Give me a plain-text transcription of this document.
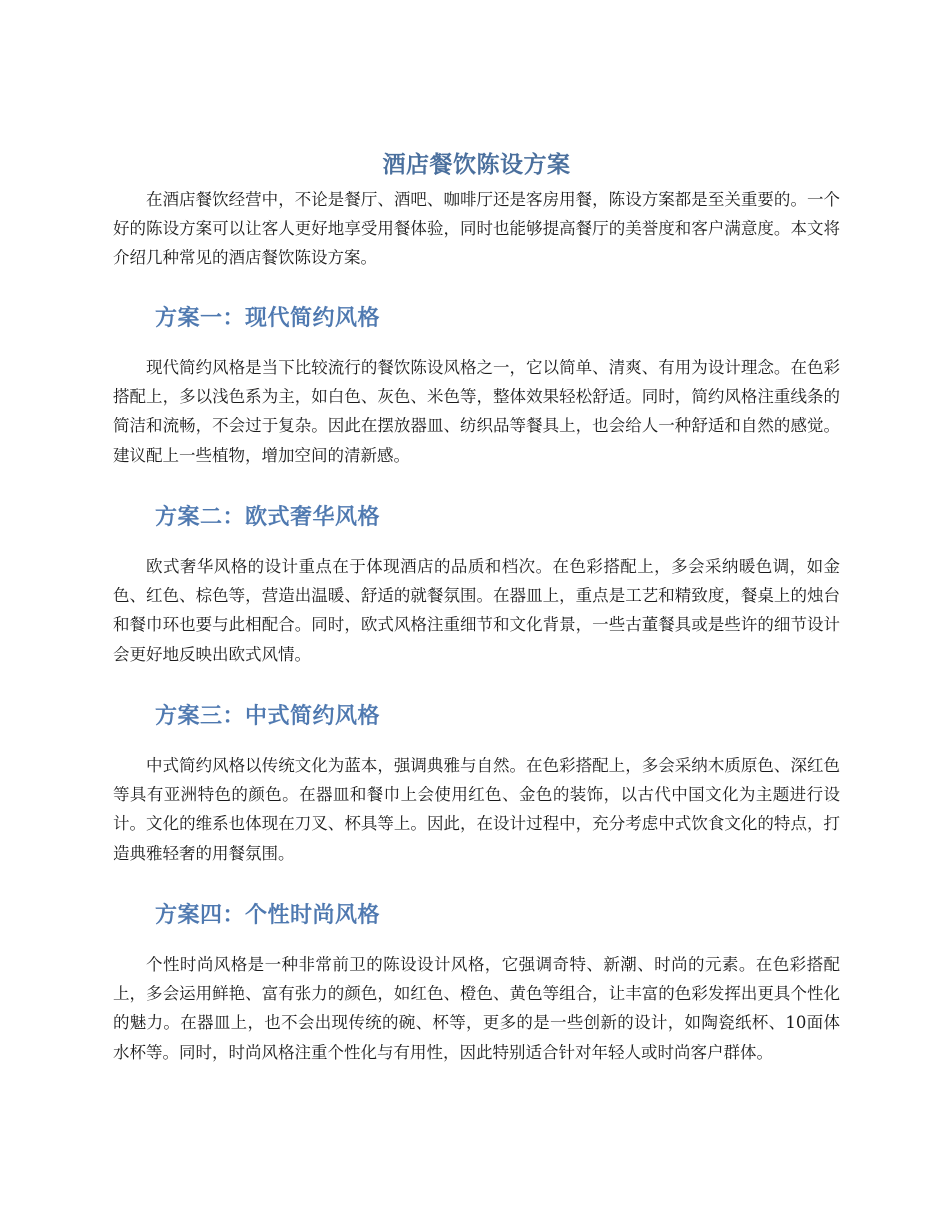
酒店餐饮陈设方案

在酒店餐饮经营中，不论是餐厅、酒吧、咖啡厅还是客房用餐，陈设方案都是至关重要的。一个好的陈设方案可以让客人更好地享受用餐体验，同时也能够提高餐厅的美誉度和客户满意度。本文将介绍几种常见的酒店餐饮陈设方案。

方案一：现代简约风格

现代简约风格是当下比较流行的餐饮陈设风格之一，它以简单、清爽、有用为设计理念。在色彩搭配上，多以浅色系为主，如白色、灰色、米色等，整体效果轻松舒适。同时，简约风格注重线条的简洁和流畅，不会过于复杂。因此在摆放器皿、纺织品等餐具上，也会给人一种舒适和自然的感觉。建议配上一些植物，增加空间的清新感。

方案二：欧式奢华风格

欧式奢华风格的设计重点在于体现酒店的品质和档次。在色彩搭配上，多会采纳暖色调，如金色、红色、棕色等，营造出温暖、舒适的就餐氛围。在器皿上，重点是工艺和精致度，餐桌上的烛台和餐巾环也要与此相配合。同时，欧式风格注重细节和文化背景，一些古董餐具或是些许的细节设计会更好地反映出欧式风情。

方案三：中式简约风格

中式简约风格以传统文化为蓝本，强调典雅与自然。在色彩搭配上，多会采纳木质原色、深红色等具有亚洲特色的颜色。在器皿和餐巾上会使用红色、金色的装饰，以古代中国文化为主题进行设计。文化的维系也体现在刀叉、杯具等上。因此，在设计过程中，充分考虑中式饮食文化的特点，打造典雅轻奢的用餐氛围。

方案四：个性时尚风格

个性时尚风格是一种非常前卫的陈设设计风格，它强调奇特、新潮、时尚的元素。在色彩搭配上，多会运用鲜艳、富有张力的颜色，如红色、橙色、黄色等组合，让丰富的色彩发挥出更具个性化的魅力。在器皿上，也不会出现传统的碗、杯等，更多的是一些创新的设计，如陶瓷纸杯、10面体水杯等。同时，时尚风格注重个性化与有用性，因此特别适合针对年轻人或时尚客户群体。
